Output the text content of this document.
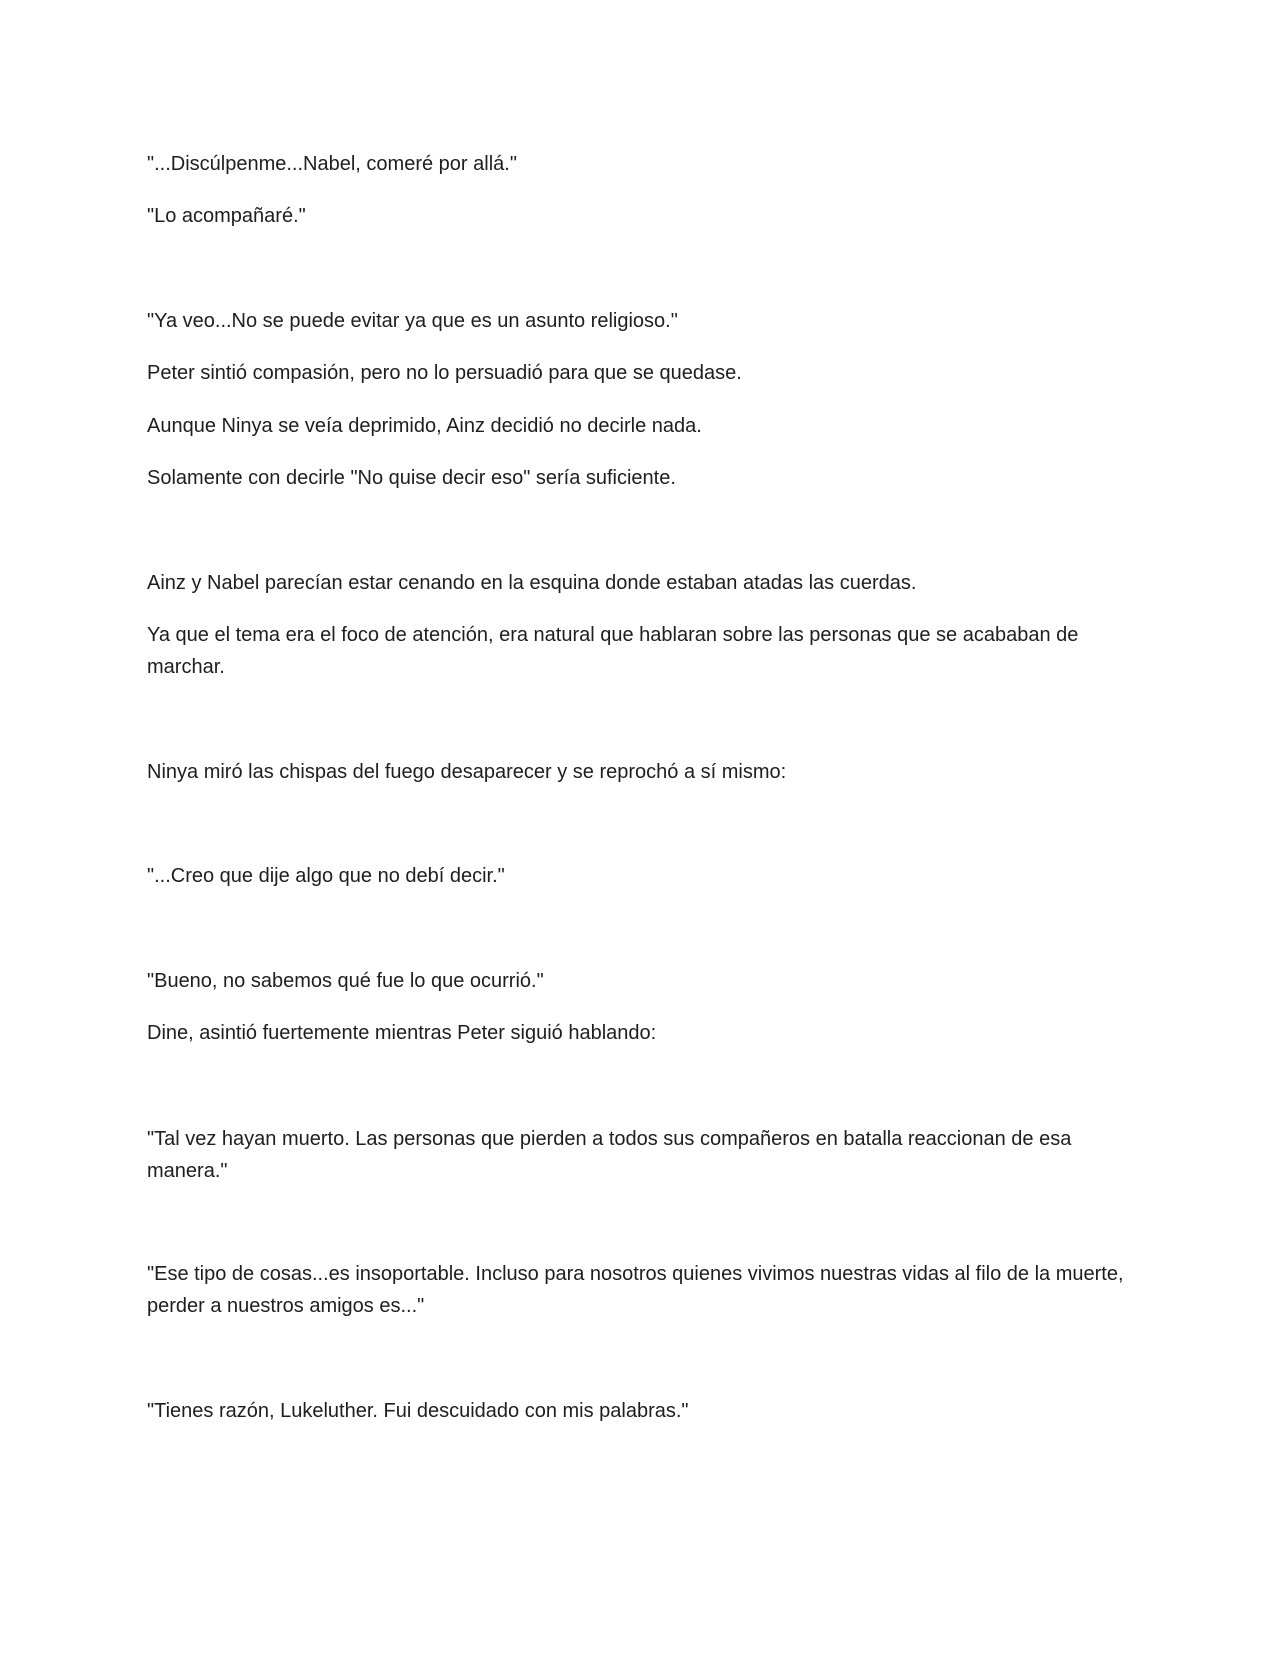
"...Discúlpenme...Nabel, comeré por allá."

"Lo acompañaré."

"Ya veo...No se puede evitar ya que es un asunto religioso."

Peter sintió compasión, pero no lo persuadió para que se quedase.

Aunque Ninya se veía deprimido, Ainz decidió no decirle nada.

Solamente con decirle "No quise decir eso" sería suficiente.

Ainz y Nabel parecían estar cenando en la esquina donde estaban atadas las cuerdas.

Ya que el tema era el foco de atención, era natural que hablaran sobre las personas que se acababan de marchar.

Ninya miró las chispas del fuego desaparecer y se reprochó a sí mismo:

"...Creo que dije algo que no debí decir."

"Bueno, no sabemos qué fue lo que ocurrió."

Dine, asintió fuertemente mientras Peter siguió hablando:

"Tal vez hayan muerto. Las personas que pierden a todos sus compañeros en batalla reaccionan de esa manera."

"Ese tipo de cosas...es insoportable. Incluso para nosotros quienes vivimos nuestras vidas al filo de la muerte, perder a nuestros amigos es..."

"Tienes razón, Lukeluther. Fui descuidado con mis palabras."
